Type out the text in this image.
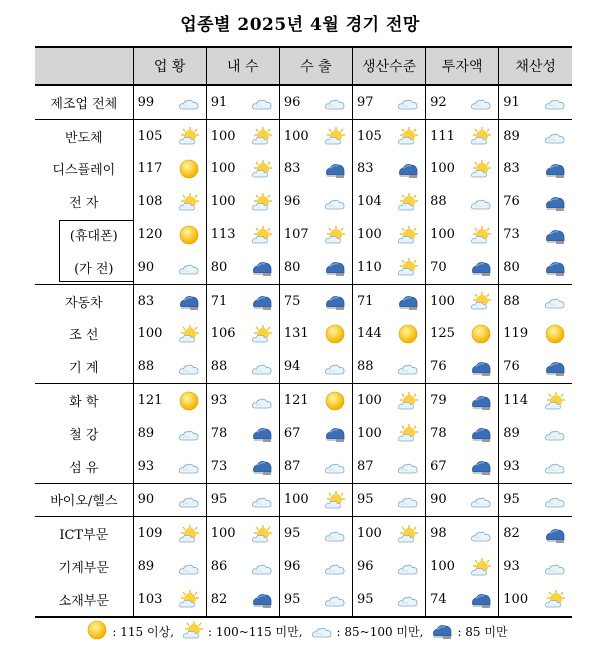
업종별 2025년 4월 경기 전망
	업 황	내 수	수 출	생산수준	투자액	채산성
제조업 전체	99	91	96	97	92	91

반도체	105	100	100	105	111	89

디스플레이	117	100	83	83	100	83

전 자	108	100	96	104	88	76

(휴대폰)	120	113	107	100	100	73

(가 전)	90	80	80	110	70	80

자동차	83	71	75	71	100	88

조 선	100	106	131	144	125	119

기 계	88	88	94	88	76	76

화 학	121	93	121	100	79	114

철 강	89	78	67	100	78	89

섬 유	93	73	87	87	67	93

바이오/헬스	90	95	100	95	90	95

ICT부문	109	100	95	100	98	82

기계부문	89	86	96	96	100	93

소재부문	103	82	95	95	74	100
: 115 이상,	: 100~115 미만,	: 85~100 미만,	: 85 미만
